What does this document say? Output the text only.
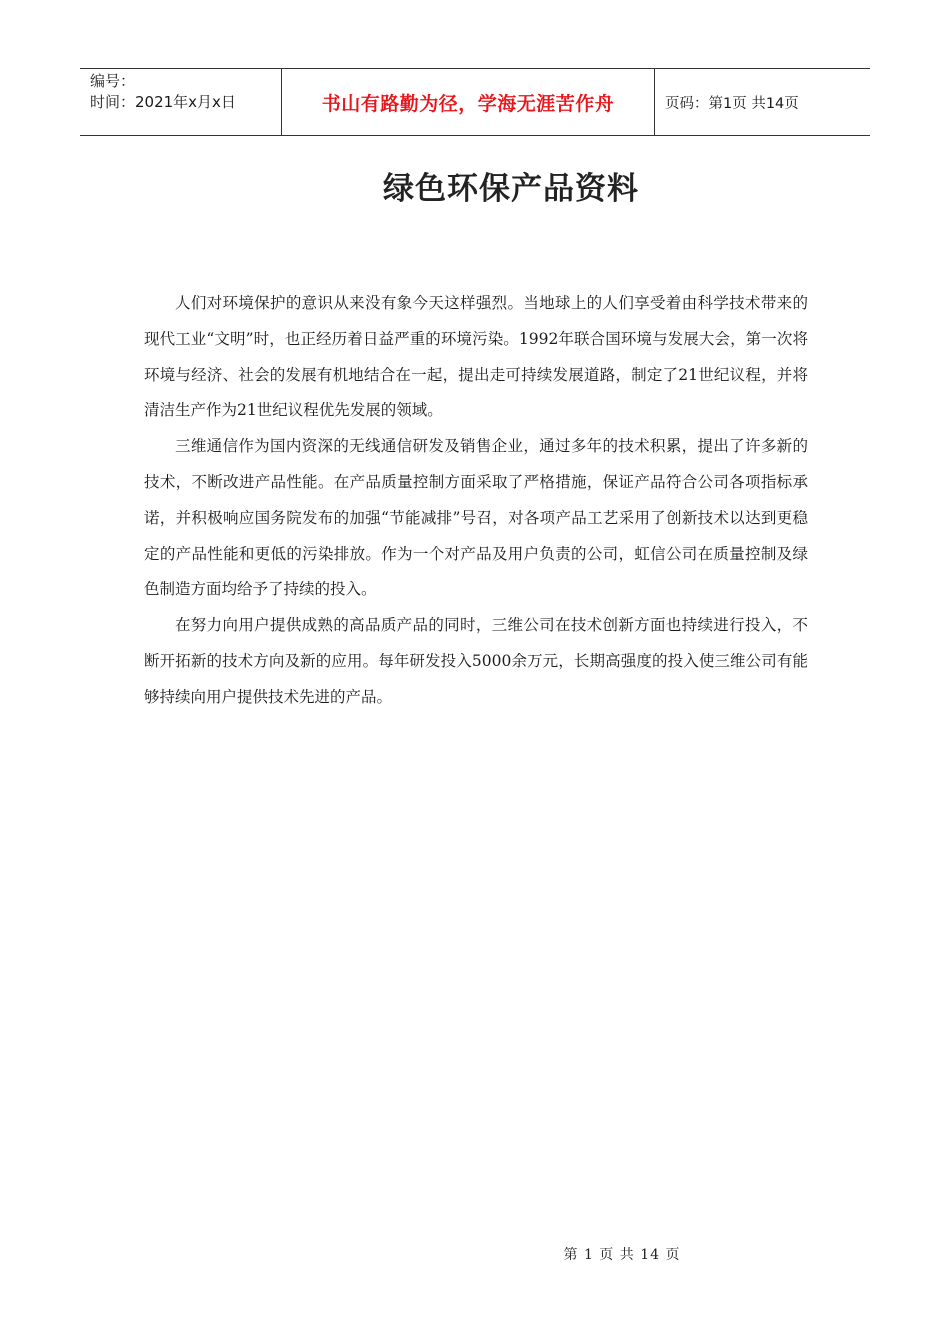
编号：
时间：2021年x月x日	书山有路勤为径，学海无涯苦作舟	页码：第1页 共14页
绿色环保产品资料

人们对环境保护的意识从来没有象今天这样强烈。当地球上的人们享受着由科学技术带来的现代工业“文明”时，也正经历着日益严重的环境污染。1992年联合国环境与发展大会，第一次将环境与经济、社会的发展有机地结合在一起，提出走可持续发展道路，制定了21世纪议程，并将清洁生产作为21世纪议程优先发展的领域。

三维通信作为国内资深的无线通信研发及销售企业，通过多年的技术积累，提出了许多新的技术，不断改进产品性能。在产品质量控制方面采取了严格措施，保证产品符合公司各项指标承诺，并积极响应国务院发布的加强“节能减排”号召，对各项产品工艺采用了创新技术以达到更稳定的产品性能和更低的污染排放。作为一个对产品及用户负责的公司，虹信公司在质量控制及绿色制造方面均给予了持续的投入。

在努力向用户提供成熟的高品质产品的同时，三维公司在技术创新方面也持续进行投入，不断开拓新的技术方向及新的应用。每年研发投入5000余万元，长期高强度的投入使三维公司有能够持续向用户提供技术先进的产品。

第 1 页 共 14 页
